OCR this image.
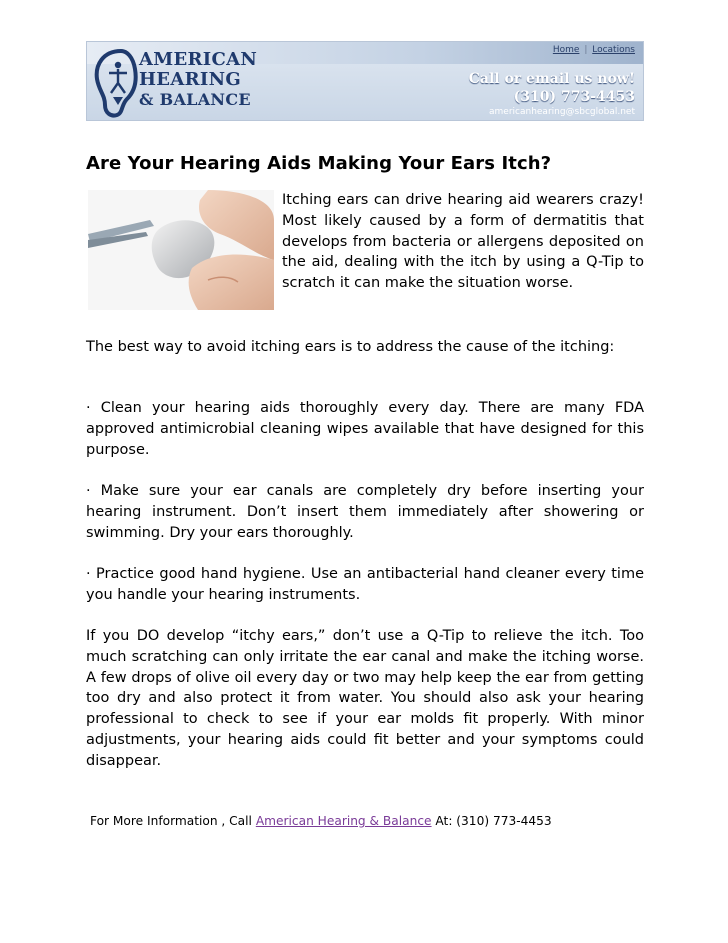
AMERICAN
HEARING
& BALANCE
Home | Locations
Call or email us now!
(310) 773-4453
americanhearing@sbcglobal.net
Are Your Hearing Aids Making Your Ears Itch?
Itching ears can drive hearing aid wearers crazy! Most likely caused by a form of dermatitis that develops from bacteria or allergens deposited on the aid, dealing with the itch by using a Q-Tip to scratch it can make the situation worse.
The best way to avoid itching ears is to address the cause of the itching:
· Clean your hearing aids thoroughly every day. There are many FDA approved antimicrobial cleaning wipes available that have designed for this purpose.
· Make sure your ear canals are completely dry before inserting your hearing instrument. Don’t insert them immediately after showering or swimming. Dry your ears thoroughly.
· Practice good hand hygiene. Use an antibacterial hand cleaner every time you handle your hearing instruments.
If you DO develop “itchy ears,” don’t use a Q-Tip to relieve the itch. Too much scratching can only irritate the ear canal and make the itching worse. A few drops of olive oil every day or two may help keep the ear from getting too dry and also protect it from water. You should also ask your hearing professional to check to see if your ear molds fit properly. With minor adjustments, your hearing aids could fit better and your symptoms could disappear.
For More Information , Call American Hearing & Balance At: (310) 773-4453
